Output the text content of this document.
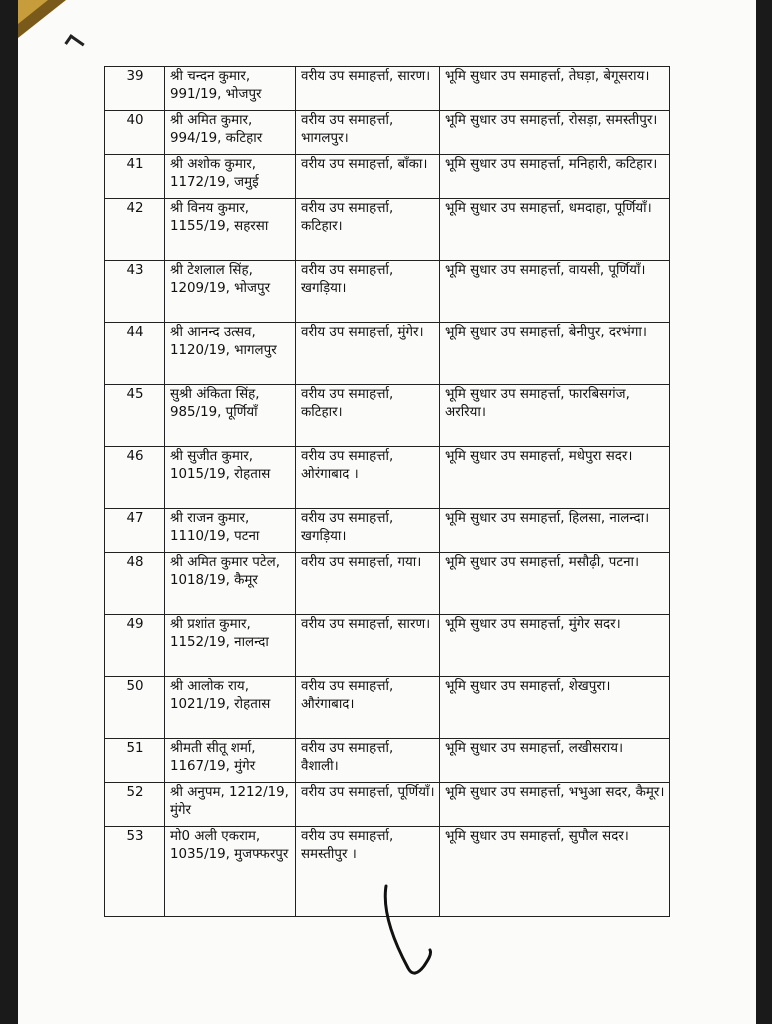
39	श्री चन्दन कुमार, 991/19, भोजपुर	वरीय उप समाहर्त्ता, सारण।	भूमि सुधार उप समाहर्त्ता, तेघड़ा, बेगूसराय।
40	श्री अमित कुमार, 994/19, कटिहार	वरीय उप समाहर्त्ता, भागलपुर।	भूमि सुधार उप समाहर्त्ता, रोसड़ा, समस्तीपुर।
41	श्री अशोक कुमार, 1172/19, जमुई	वरीय उप समाहर्त्ता, बाँका।	भूमि सुधार उप समाहर्त्ता, मनिहारी, कटिहार।
42	श्री विनय कुमार, 1155/19, सहरसा	वरीय उप समाहर्त्ता, कटिहार।	भूमि सुधार उप समाहर्त्ता, धमदाहा, पूर्णियाँ।
43	श्री टेशलाल सिंह, 1209/19, भोजपुर	वरीय उप समाहर्त्ता, खगड़िया।	भूमि सुधार उप समाहर्त्ता, वायसी, पूर्णियाँ।
44	श्री आनन्द उत्सव, 1120/19, भागलपुर	वरीय उप समाहर्त्ता, मुंगेर।	भूमि सुधार उप समाहर्त्ता, बेनीपुर, दरभंगा।
45	सुश्री अंकिता सिंह, 985/19, पूर्णियाँ	वरीय उप समाहर्त्ता, कटिहार।	भूमि सुधार उप समाहर्त्ता, फारबिसगंज, अररिया।
46	श्री सुजीत कुमार, 1015/19, रोहतास	वरीय उप समाहर्त्ता, ओरंगाबाद ।	भूमि सुधार उप समाहर्त्ता, मधेपुरा सदर।
47	श्री राजन कुमार, 1110/19, पटना	वरीय उप समाहर्त्ता, खगड़िया।	भूमि सुधार उप समाहर्त्ता, हिलसा, नालन्दा।
48	श्री अमित कुमार पटेल, 1018/19, कैमूर	वरीय उप समाहर्त्ता, गया।	भूमि सुधार उप समाहर्त्ता, मसौढ़ी, पटना।
49	श्री प्रशांत कुमार, 1152/19, नालन्दा	वरीय उप समाहर्त्ता, सारण।	भूमि सुधार उप समाहर्त्ता, मुंगेर सदर।
50	श्री आलोक राय, 1021/19, रोहतास	वरीय उप समाहर्त्ता, औरंगाबाद।	भूमि सुधार उप समाहर्त्ता, शेखपुरा।
51	श्रीमती सीतू शर्मा, 1167/19, मुंगेर	वरीय उप समाहर्त्ता, वैशाली।	भूमि सुधार उप समाहर्त्ता, लखीसराय।
52	श्री अनुपम, 1212/19, मुंगेर	वरीय उप समाहर्त्ता, पूर्णियाँ।	भूमि सुधार उप समाहर्त्ता, भभुआ सदर, कैमूर।
53	मो0 अली एकराम, 1035/19, मुजफ्फरपुर	वरीय उप समाहर्त्ता, समस्तीपुर ।	भूमि सुधार उप समाहर्त्ता, सुपौल सदर।
